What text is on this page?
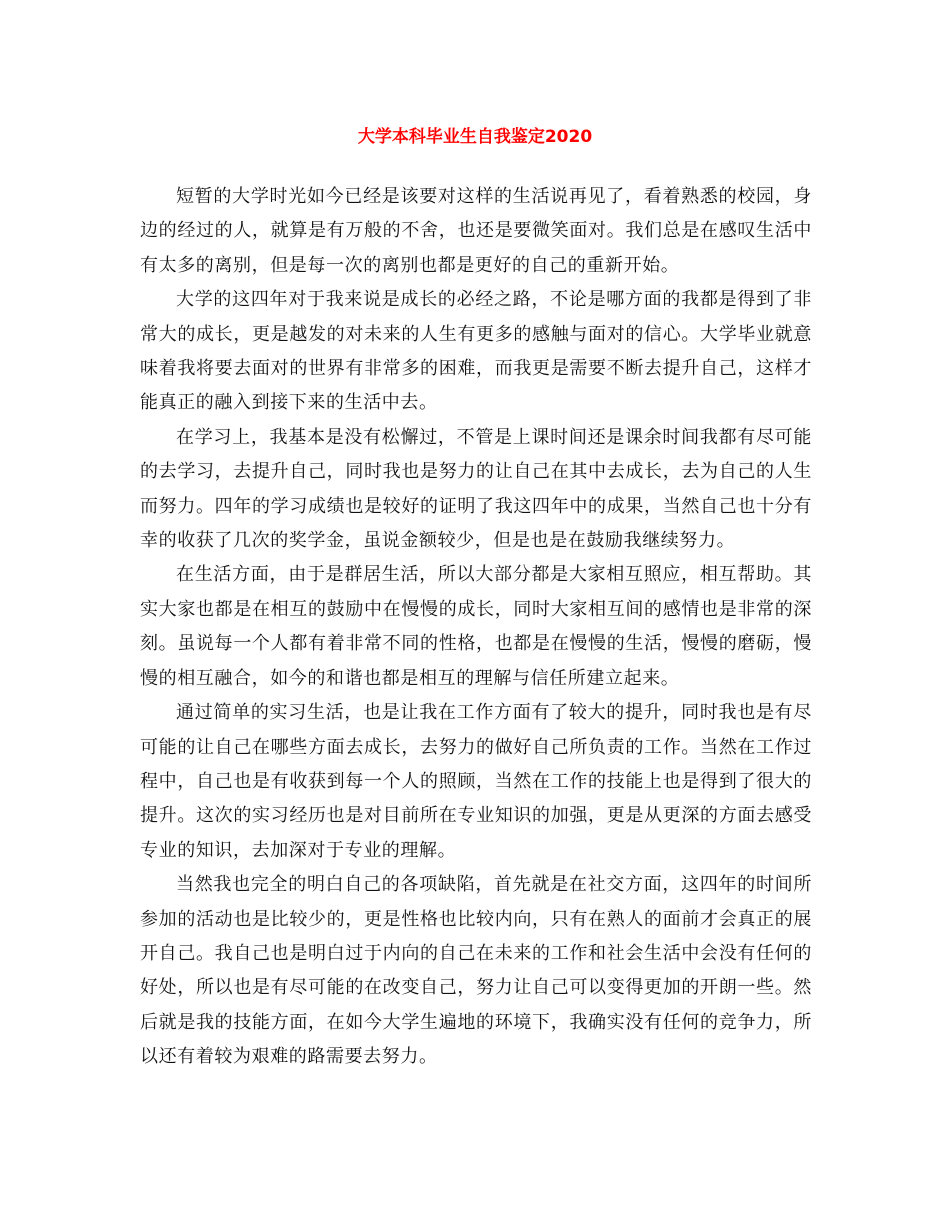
大学本科毕业生自我鉴定2020

短暂的大学时光如今已经是该要对这样的生活说再见了，看着熟悉的校园，身边的经过的人，就算是有万般的不舍，也还是要微笑面对。我们总是在感叹生活中有太多的离别，但是每一次的离别也都是更好的自己的重新开始。

大学的这四年对于我来说是成长的必经之路，不论是哪方面的我都是得到了非常大的成长，更是越发的对未来的人生有更多的感触与面对的信心。大学毕业就意味着我将要去面对的世界有非常多的困难，而我更是需要不断去提升自己，这样才能真正的融入到接下来的生活中去。

在学习上，我基本是没有松懈过，不管是上课时间还是课余时间我都有尽可能的去学习，去提升自己，同时我也是努力的让自己在其中去成长，去为自己的人生而努力。四年的学习成绩也是较好的证明了我这四年中的成果，当然自己也十分有幸的收获了几次的奖学金，虽说金额较少，但是也是在鼓励我继续努力。

在生活方面，由于是群居生活，所以大部分都是大家相互照应，相互帮助。其实大家也都是在相互的鼓励中在慢慢的成长，同时大家相互间的感情也是非常的深刻。虽说每一个人都有着非常不同的性格，也都是在慢慢的生活，慢慢的磨砺，慢慢的相互融合，如今的和谐也都是相互的理解与信任所建立起来。

通过简单的实习生活，也是让我在工作方面有了较大的提升，同时我也是有尽可能的让自己在哪些方面去成长，去努力的做好自己所负责的工作。当然在工作过程中，自己也是有收获到每一个人的照顾，当然在工作的技能上也是得到了很大的提升。这次的实习经历也是对目前所在专业知识的加强，更是从更深的方面去感受专业的知识，去加深对于专业的理解。

当然我也完全的明白自己的各项缺陷，首先就是在社交方面，这四年的时间所参加的活动也是比较少的，更是性格也比较内向，只有在熟人的面前才会真正的展开自己。我自己也是明白过于内向的自己在未来的工作和社会生活中会没有任何的好处，所以也是有尽可能的在改变自己，努力让自己可以变得更加的开朗一些。然后就是我的技能方面，在如今大学生遍地的环境下，我确实没有任何的竞争力，所以还有着较为艰难的路需要去努力。
